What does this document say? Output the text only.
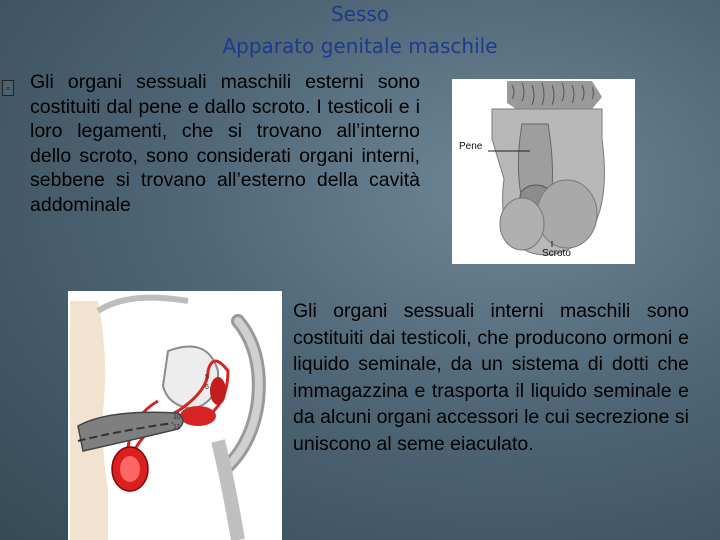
Sesso
Apparato genitale maschile
▫ Gli organi sessuali maschili esterni sono costituiti dal pene e dallo scroto. I testicoli e i loro legamenti, che si trovano all’interno dello scroto, sono considerati organi interni, sebbene si trovano all’esterno della cavità addominale
Pene
Scroto
5
6
10
11
Gli organi sessuali interni maschili sono costituiti dai testicoli, che producono ormoni e liquido seminale, da un sistema di dotti che immagazzina e trasporta il liquido seminale e da alcuni organi accessori le cui secrezione si uniscono al seme eiaculato.
